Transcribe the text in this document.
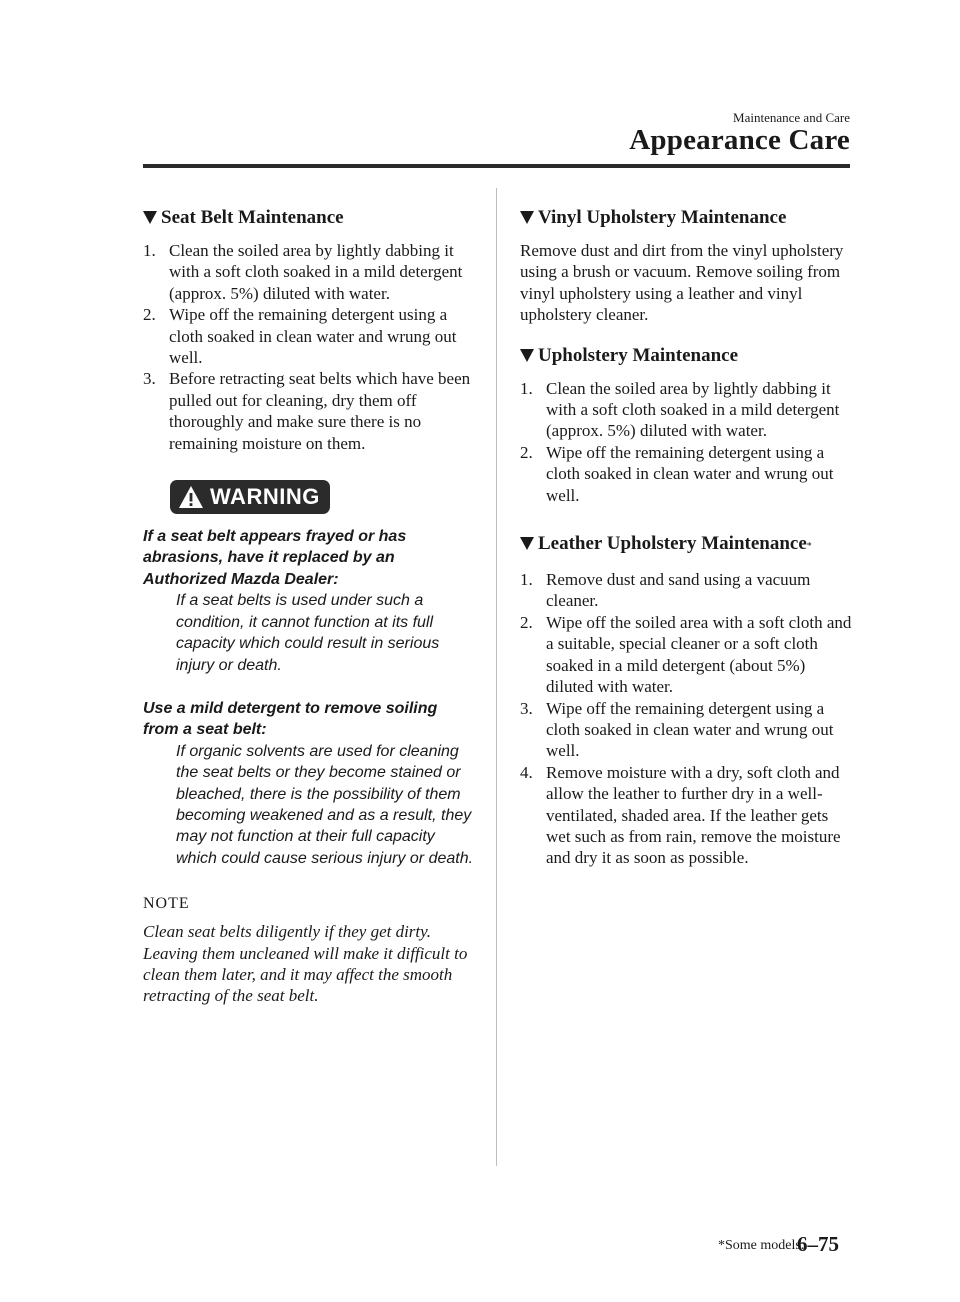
Maintenance and Care
Appearance Care
Seat Belt Maintenance
1. Clean the soiled area by lightly dabbing it with a soft cloth soaked in a mild detergent (approx. 5%) diluted with water.
2. Wipe off the remaining detergent using a cloth soaked in clean water and wrung out well.
3. Before retracting seat belts which have been pulled out for cleaning, dry them off thoroughly and make sure there is no remaining moisture on them.
WARNING

If a seat belt appears frayed or has abrasions, have it replaced by an Authorized Mazda Dealer:

If a seat belts is used under such a condition, it cannot function at its full capacity which could result in serious injury or death.

Use a mild detergent to remove soiling from a seat belt:

If organic solvents are used for cleaning the seat belts or they become stained or bleached, there is the possibility of them becoming weakened and as a result, they may not function at their full capacity which could cause serious injury or death.

NOTE

Clean seat belts diligently if they get dirty. Leaving them uncleaned will make it difficult to clean them later, and it may affect the smooth retracting of the seat belt.

Vinyl Upholstery Maintenance

Remove dust and dirt from the vinyl upholstery using a brush or vacuum. Remove soiling from vinyl upholstery using a leather and vinyl upholstery cleaner.

Upholstery Maintenance
1. Clean the soiled area by lightly dabbing it with a soft cloth soaked in a mild detergent (approx. 5%) diluted with water.
2. Wipe off the remaining detergent using a cloth soaked in clean water and wrung out well.
Leather Upholstery Maintenance *
1. Remove dust and sand using a vacuum cleaner.
2. Wipe off the soiled area with a soft cloth and a suitable, special cleaner or a soft cloth soaked in a mild detergent (about 5%) diluted with water.
3. Wipe off the remaining detergent using a cloth soaked in clean water and wrung out well.
4. Remove moisture with a dry, soft cloth and allow the leather to further dry in a well-ventilated, shaded area. If the leather gets wet such as from rain, remove the moisture and dry it as soon as possible.
*Some models.
6–75
